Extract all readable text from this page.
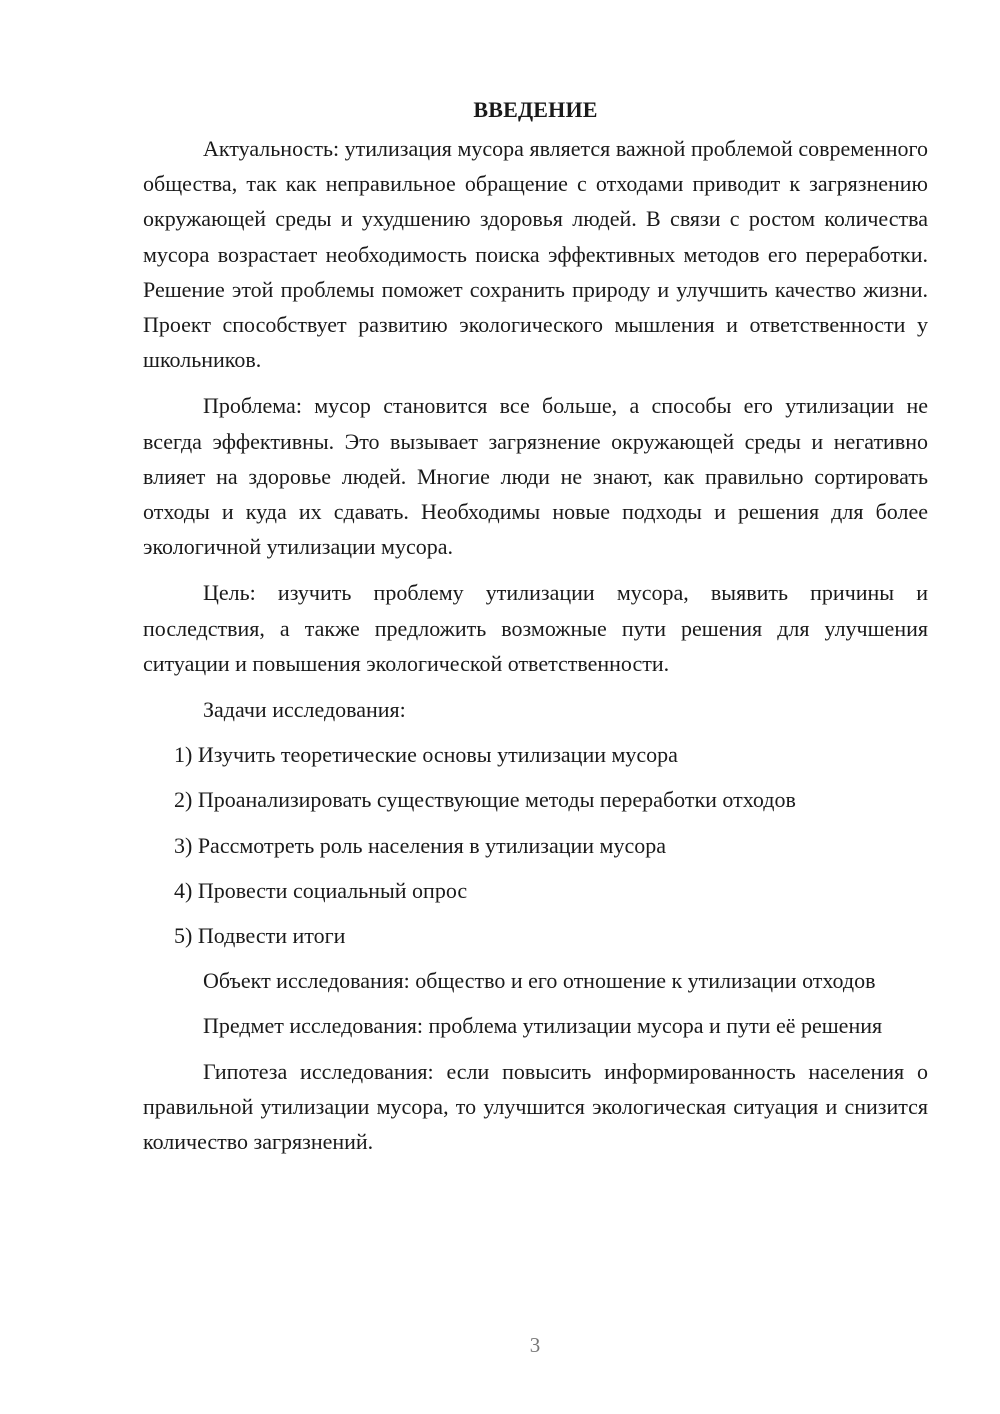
ВВЕДЕНИЕ

Актуальность: утилизация мусора является важной проблемой современного общества, так как неправильное обращение с отходами приводит к загрязнению окружающей среды и ухудшению здоровья людей. В связи с ростом количества мусора возрастает необходимость поиска эффективных методов его переработки. Решение этой проблемы поможет сохранить природу и улучшить качество жизни. Проект способствует развитию экологического мышления и ответственности у школьников.

Проблема: мусор становится все больше, а способы его утилизации не всегда эффективны. Это вызывает загрязнение окружающей среды и негативно влияет на здоровье людей. Многие люди не знают, как правильно сортировать отходы и куда их сдавать. Необходимы новые подходы и решения для более экологичной утилизации мусора.

Цель: изучить проблему утилизации мусора, выявить причины и последствия, а также предложить возможные пути решения для улучшения ситуации и повышения экологической ответственности.

Задачи исследования:

1) Изучить теоретические основы утилизации мусора

2) Проанализировать существующие методы переработки отходов

3) Рассмотреть роль населения в утилизации мусора

4) Провести социальный опрос

5) Подвести итоги

Объект исследования: общество и его отношение к утилизации отходов

Предмет исследования: проблема утилизации мусора и пути её решения

Гипотеза исследования: если повысить информированность населения о правильной утилизации мусора, то улучшится экологическая ситуация и снизится количество загрязнений.

3
